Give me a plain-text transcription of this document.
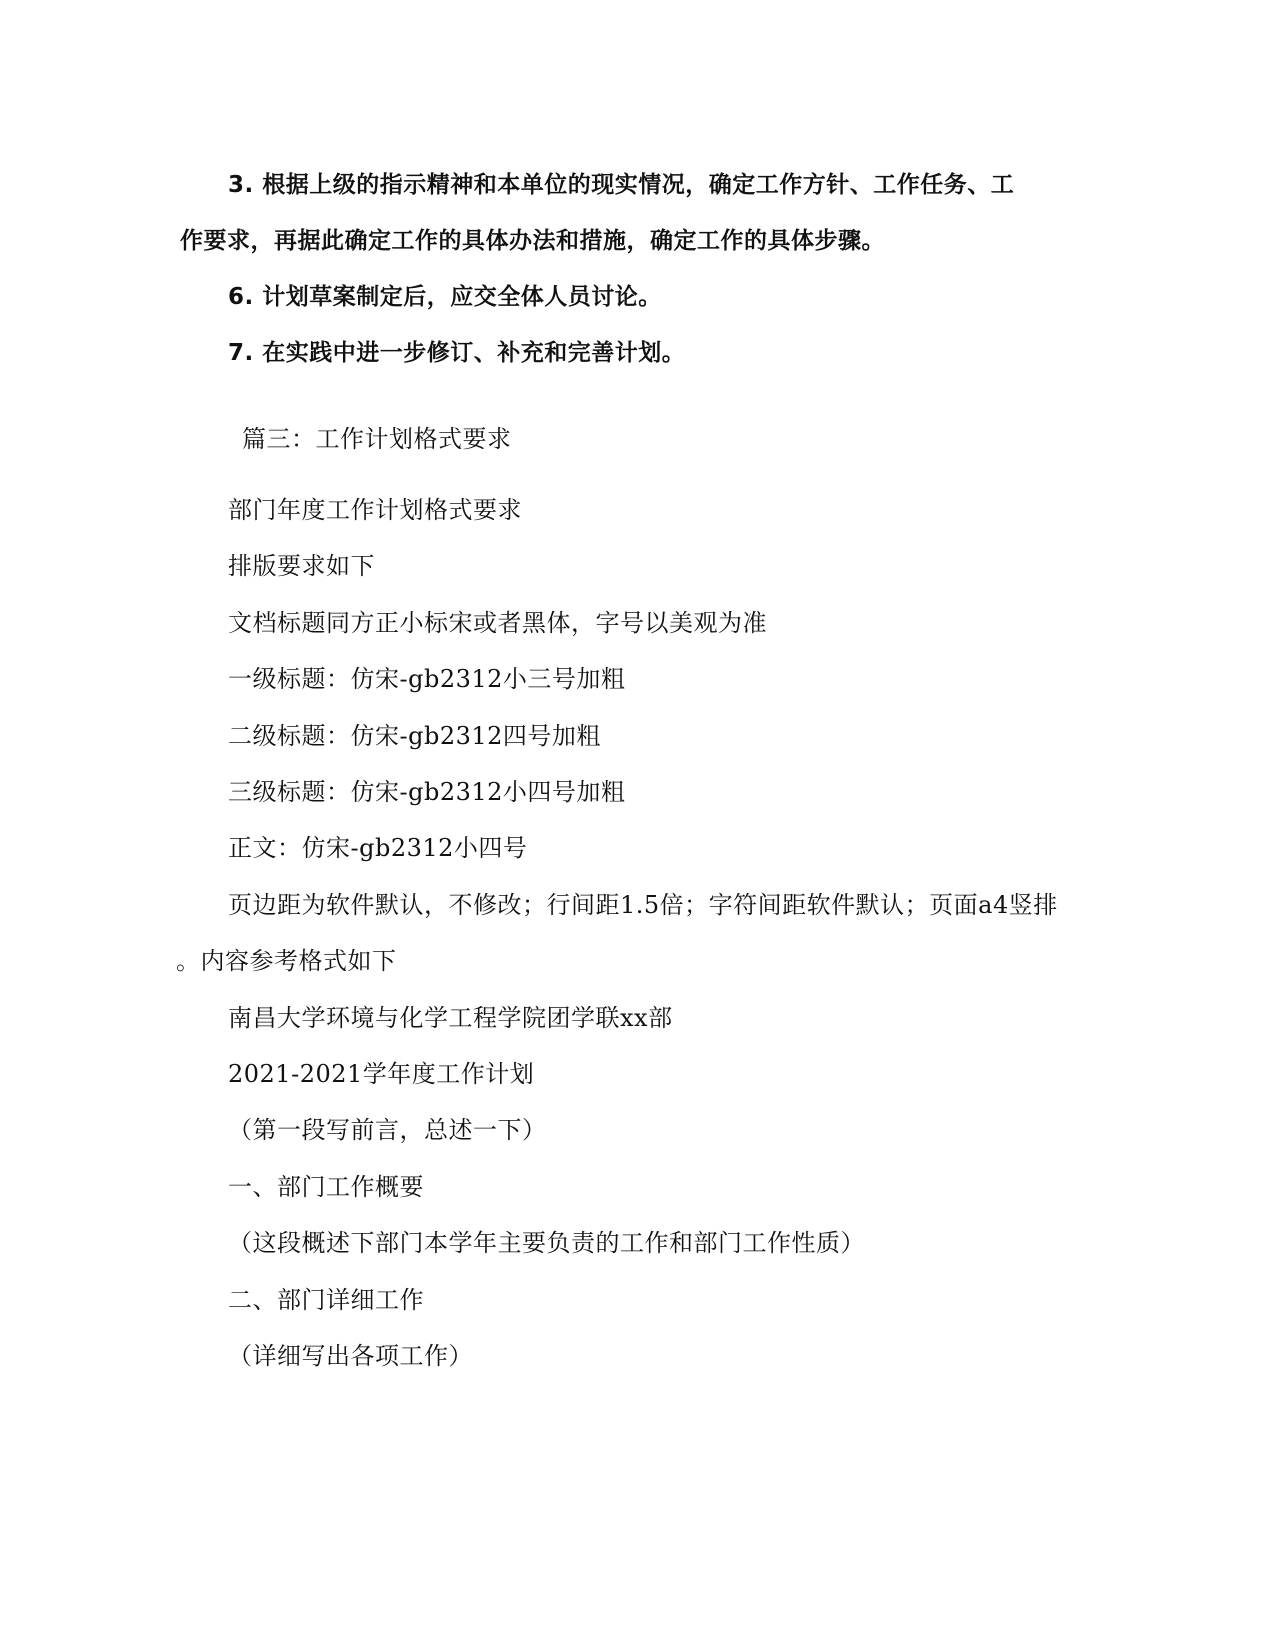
3. 根据上级的指示精神和本单位的现实情况，确定工作方针、工作任务、工
作要求，再据此确定工作的具体办法和措施，确定工作的具体步骤。
6. 计划草案制定后，应交全体人员讨论。
7. 在实践中进一步修订、补充和完善计划。
篇三：工作计划格式要求
部门年度工作计划格式要求
排版要求如下
文档标题同方正小标宋或者黑体，字号以美观为准
一级标题：仿宋-gb2312小三号加粗
二级标题：仿宋-gb2312四号加粗
三级标题：仿宋-gb2312小四号加粗
正文：仿宋-gb2312小四号
页边距为软件默认，不修改；行间距1.5倍；字符间距软件默认；页面a4竖排
。内容参考格式如下
南昌大学环境与化学工程学院团学联xx部
2021-2021学年度工作计划
（第一段写前言，总述一下）
一、部门工作概要
（这段概述下部门本学年主要负责的工作和部门工作性质）
二、部门详细工作
（详细写出各项工作）
